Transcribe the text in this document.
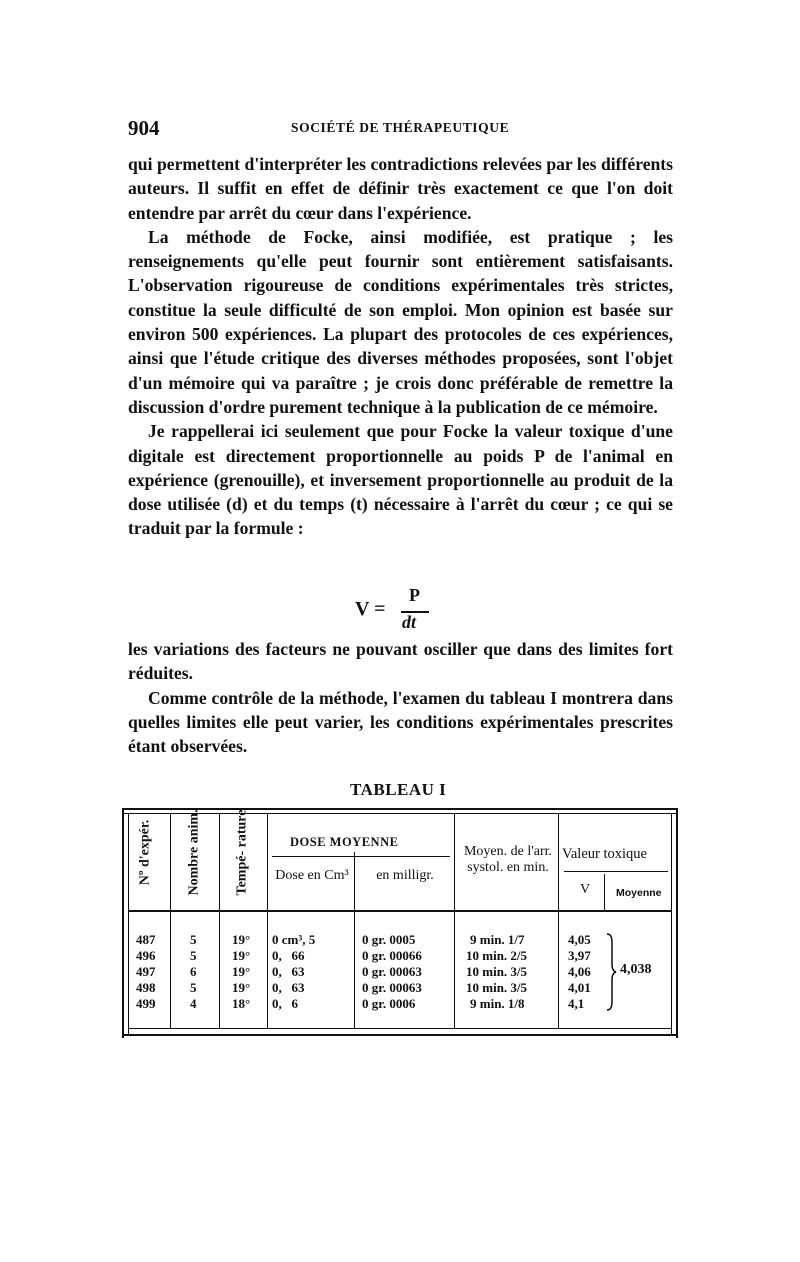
904	SOCIÉTÉ DE THÉRAPEUTIQUE

qui permettent d'interpréter les contradictions relevées par les différents auteurs. Il suffit en effet de définir très exactement ce que l'on doit entendre par arrêt du cœur dans l'expérience.

La méthode de Focke, ainsi modifiée, est pratique ; les renseignements qu'elle peut fournir sont entièrement satisfaisants. L'observation rigoureuse de conditions expérimentales très strictes, constitue la seule difficulté de son emploi. Mon opinion est basée sur environ 500 expériences. La plupart des protocoles de ces expériences, ainsi que l'étude critique des diverses méthodes proposées, sont l'objet d'un mémoire qui va paraître ; je crois donc préférable de remettre la discussion d'ordre purement technique à la publication de ce mémoire.

Je rappellerai ici seulement que pour Focke la valeur toxique d'une digitale est directement proportionnelle au poids P de l'animal en expérience (grenouille), et inversement proportionnelle au produit de la dose utilisée (d) et du temps (t) nécessaire à l'arrêt du cœur ; ce qui se traduit par la formule :

V =
P
dt

les variations des facteurs ne pouvant osciller que dans des limites fort réduites.

Comme contrôle de la méthode, l'examen du tableau I montrera dans quelles limites elle peut varier, les conditions expérimentales prescrites étant observées.

TABLEAU I
Nº d'expér. Nombre anim. Tempé- rature	DOSE MOYENNE
Dose en Cm³	en milligr.
Moyen. de l'arr. systol. en min.
Valeur toxique
V Moyenne
487	5	19° 0 cm³, 5	0 gr. 0005	9 min. 1/7	4,05
496	5	19° 0,   66	0 gr. 00066	10 min. 2/5	3,97
497	6	19° 0,   63	0 gr. 00063	10 min. 3/5	4,06
498	5	19° 0,   63	0 gr. 00063	10 min. 3/5	4,01
499	4	18° 0,   6	0 gr. 0006	9 min. 1/8	4,1
4,038
